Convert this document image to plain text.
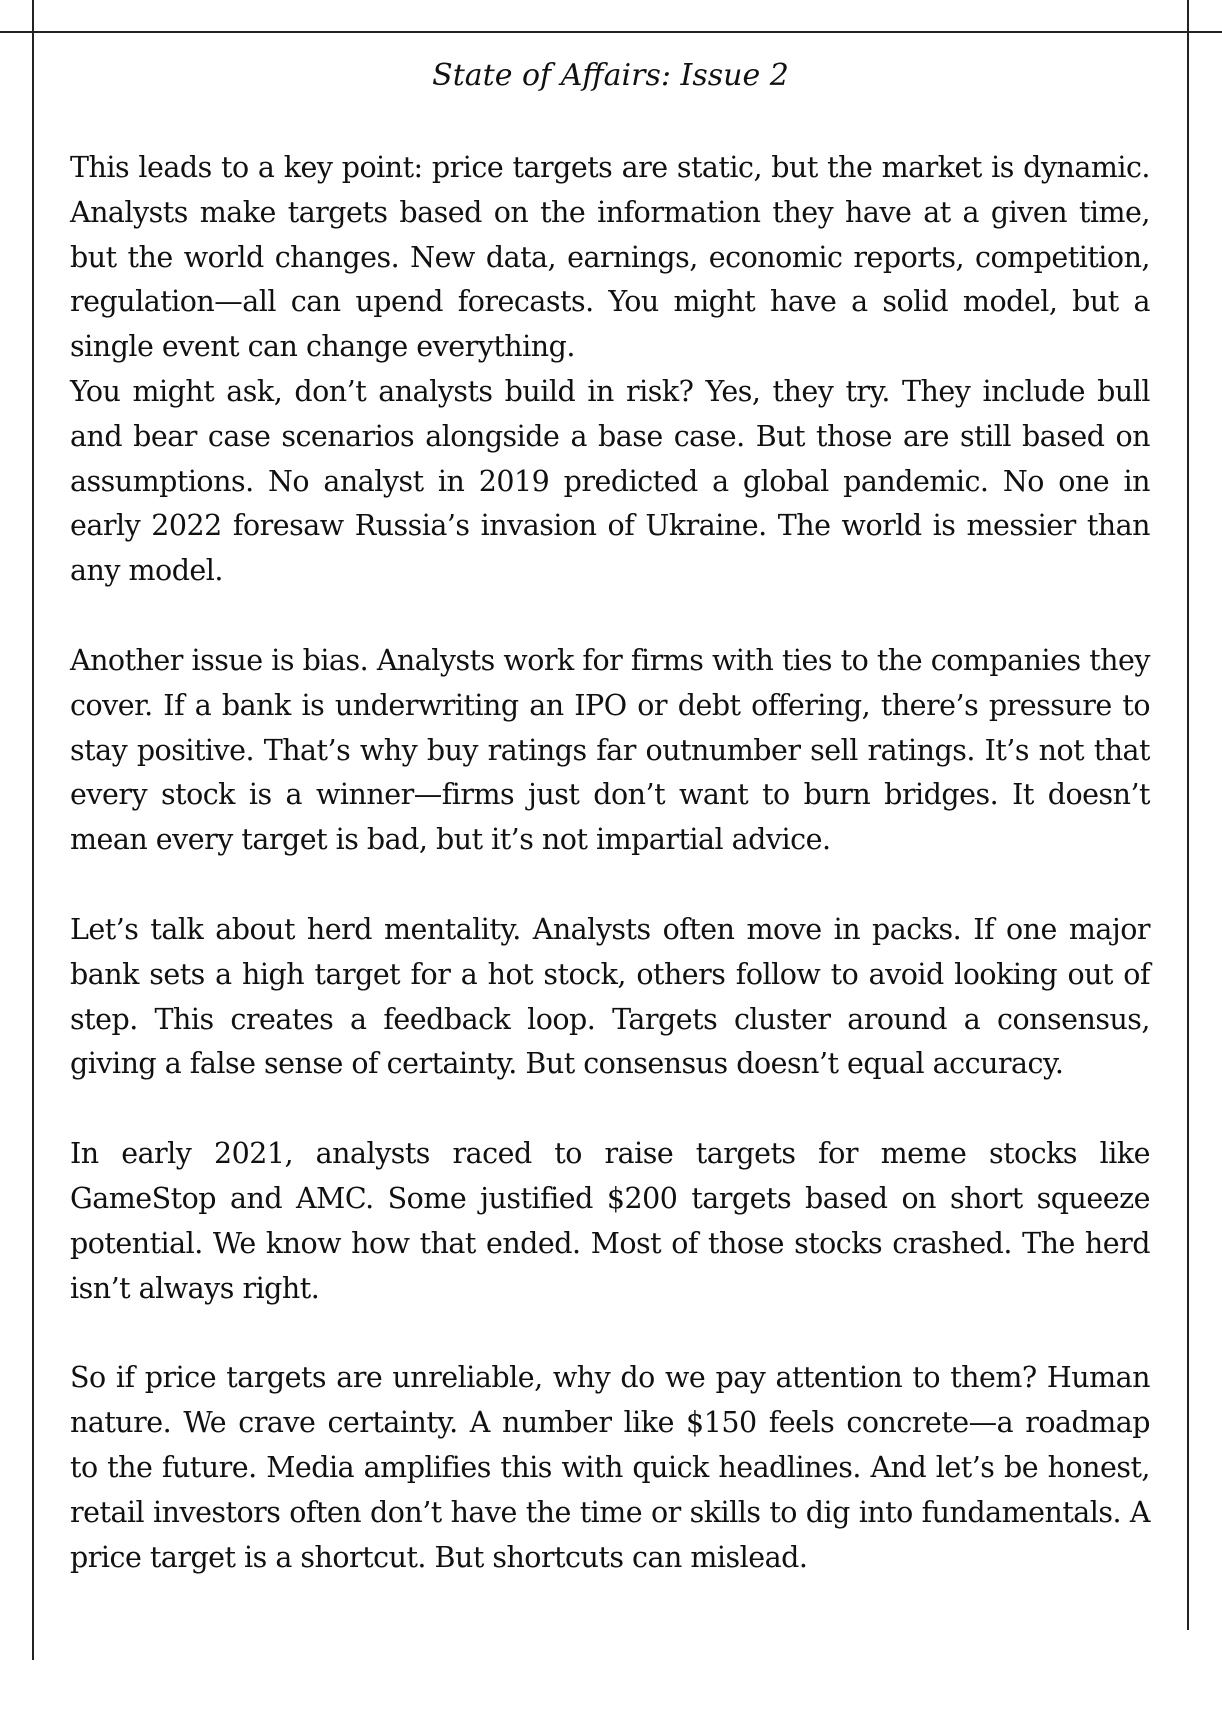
State of Affairs: Issue 2

This leads to a key point: price targets are static, but the market is dynamic. Analysts make targets based on the information they have at a given time, but the world changes. New data, earnings, economic reports, competition, regulation—all can upend forecasts. You might have a solid model, but a single event can change everything.

You might ask, don’t analysts build in risk? Yes, they try. They include bull and bear case scenarios alongside a base case. But those are still based on assumptions. No analyst in 2019 predicted a global pandemic. No one in early 2022 foresaw Russia’s invasion of Ukraine. The world is messier than any model.

Another issue is bias. Analysts work for firms with ties to the companies they cover. If a bank is underwriting an IPO or debt offering, there’s pressure to stay positive. That’s why buy ratings far outnumber sell ratings. It’s not that every stock is a winner—firms just don’t want to burn bridges. It doesn’t mean every target is bad, but it’s not impartial advice.

Let’s talk about herd mentality. Analysts often move in packs. If one major bank sets a high target for a hot stock, others follow to avoid looking out of step. This creates a feedback loop. Targets cluster around a consensus, giving a false sense of certainty. But consensus doesn’t equal accuracy.

In early 2021, analysts raced to raise targets for meme stocks like GameStop and AMC. Some justified $200 targets based on short squeeze potential. We know how that ended. Most of those stocks crashed. The herd isn’t always right.

So if price targets are unreliable, why do we pay attention to them? Human nature. We crave certainty. A number like $150 feels concrete—a roadmap to the future. Media amplifies this with quick headlines. And let’s be honest, retail investors often don’t have the time or skills to dig into fundamentals. A price target is a shortcut. But shortcuts can mislead.
